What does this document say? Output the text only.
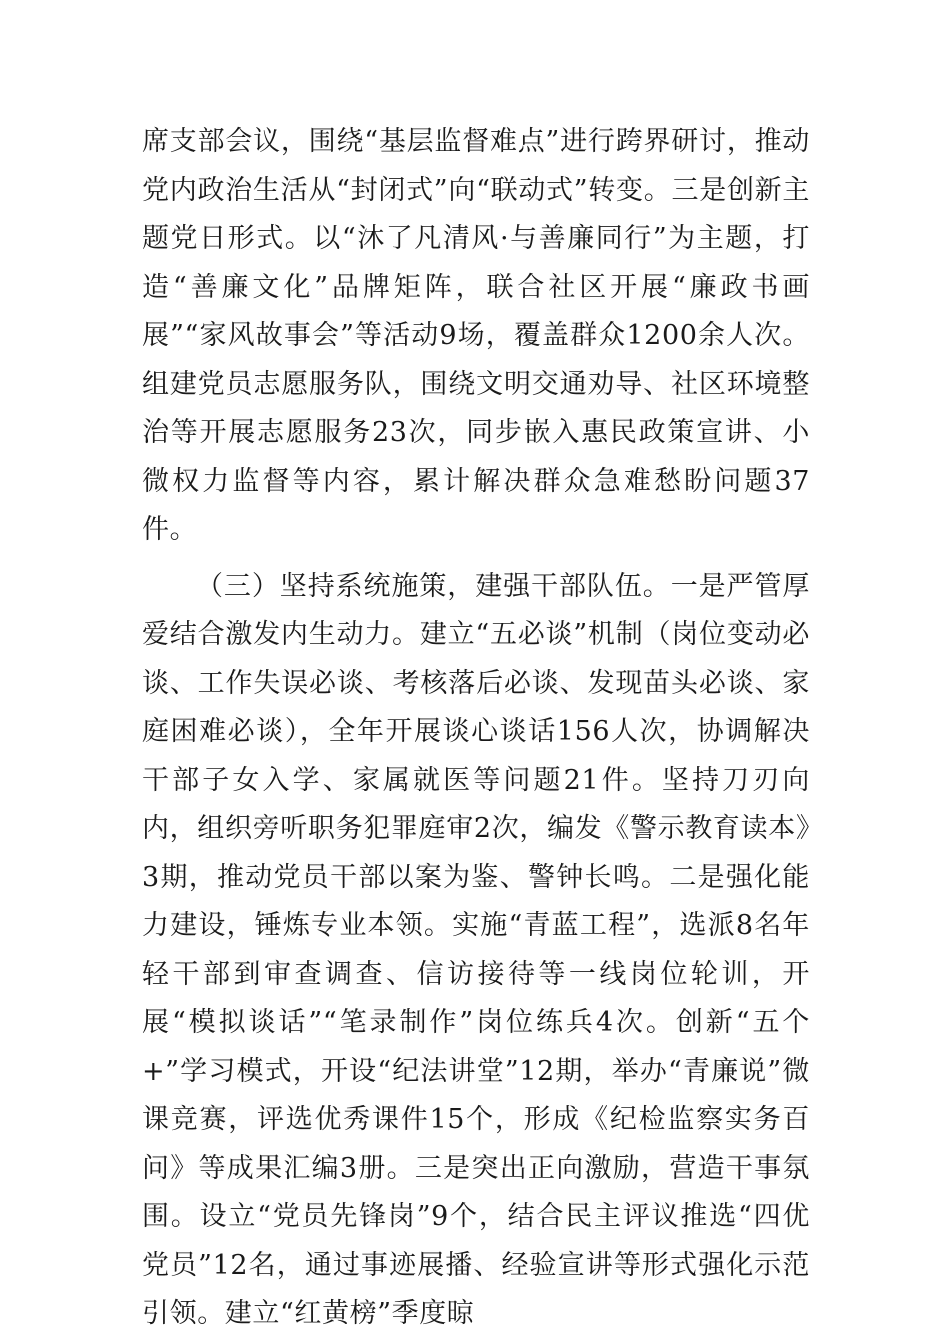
席支部会议，围绕“基层监督难点”进行跨界研讨，推动党内政治生活从“封闭式”向“联动式”转变。三是创新主题党日形式。以“沐了凡清风·与善廉同行”为主题，打造“善廉文化”品牌矩阵，联合社区开展“廉政书画展”“家风故事会”等活动9场，覆盖群众1200余人次。组建党员志愿服务队，围绕文明交通劝导、社区环境整治等开展志愿服务23次，同步嵌入惠民政策宣讲、小微权力监督等内容，累计解决群众急难愁盼问题37件。

（三）坚持系统施策，建强干部队伍。一是严管厚爱结合激发内生动力。建立“五必谈”机制（岗位变动必谈、工作失误必谈、考核落后必谈、发现苗头必谈、家庭困难必谈），全年开展谈心谈话156人次，协调解决干部子女入学、家属就医等问题21件。坚持刀刃向内，组织旁听职务犯罪庭审2次，编发《警示教育读本》3期，推动党员干部以案为鉴、警钟长鸣。二是强化能力建设，锤炼专业本领。实施“青蓝工程”，选派8名年轻干部到审查调查、信访接待等一线岗位轮训，开展“模拟谈话”“笔录制作”岗位练兵4次。创新“五个+”学习模式，开设“纪法讲堂”12期，举办“青廉说”微课竞赛，评选优秀课件15个，形成《纪检监察实务百问》等成果汇编3册。三是突出正向激励，营造干事氛围。设立“党员先锋岗”9个，结合民主评议推选“四优党员”12名，通过事迹展播、经验宣讲等形式强化示范引领。建立“红黄榜”季度晾
